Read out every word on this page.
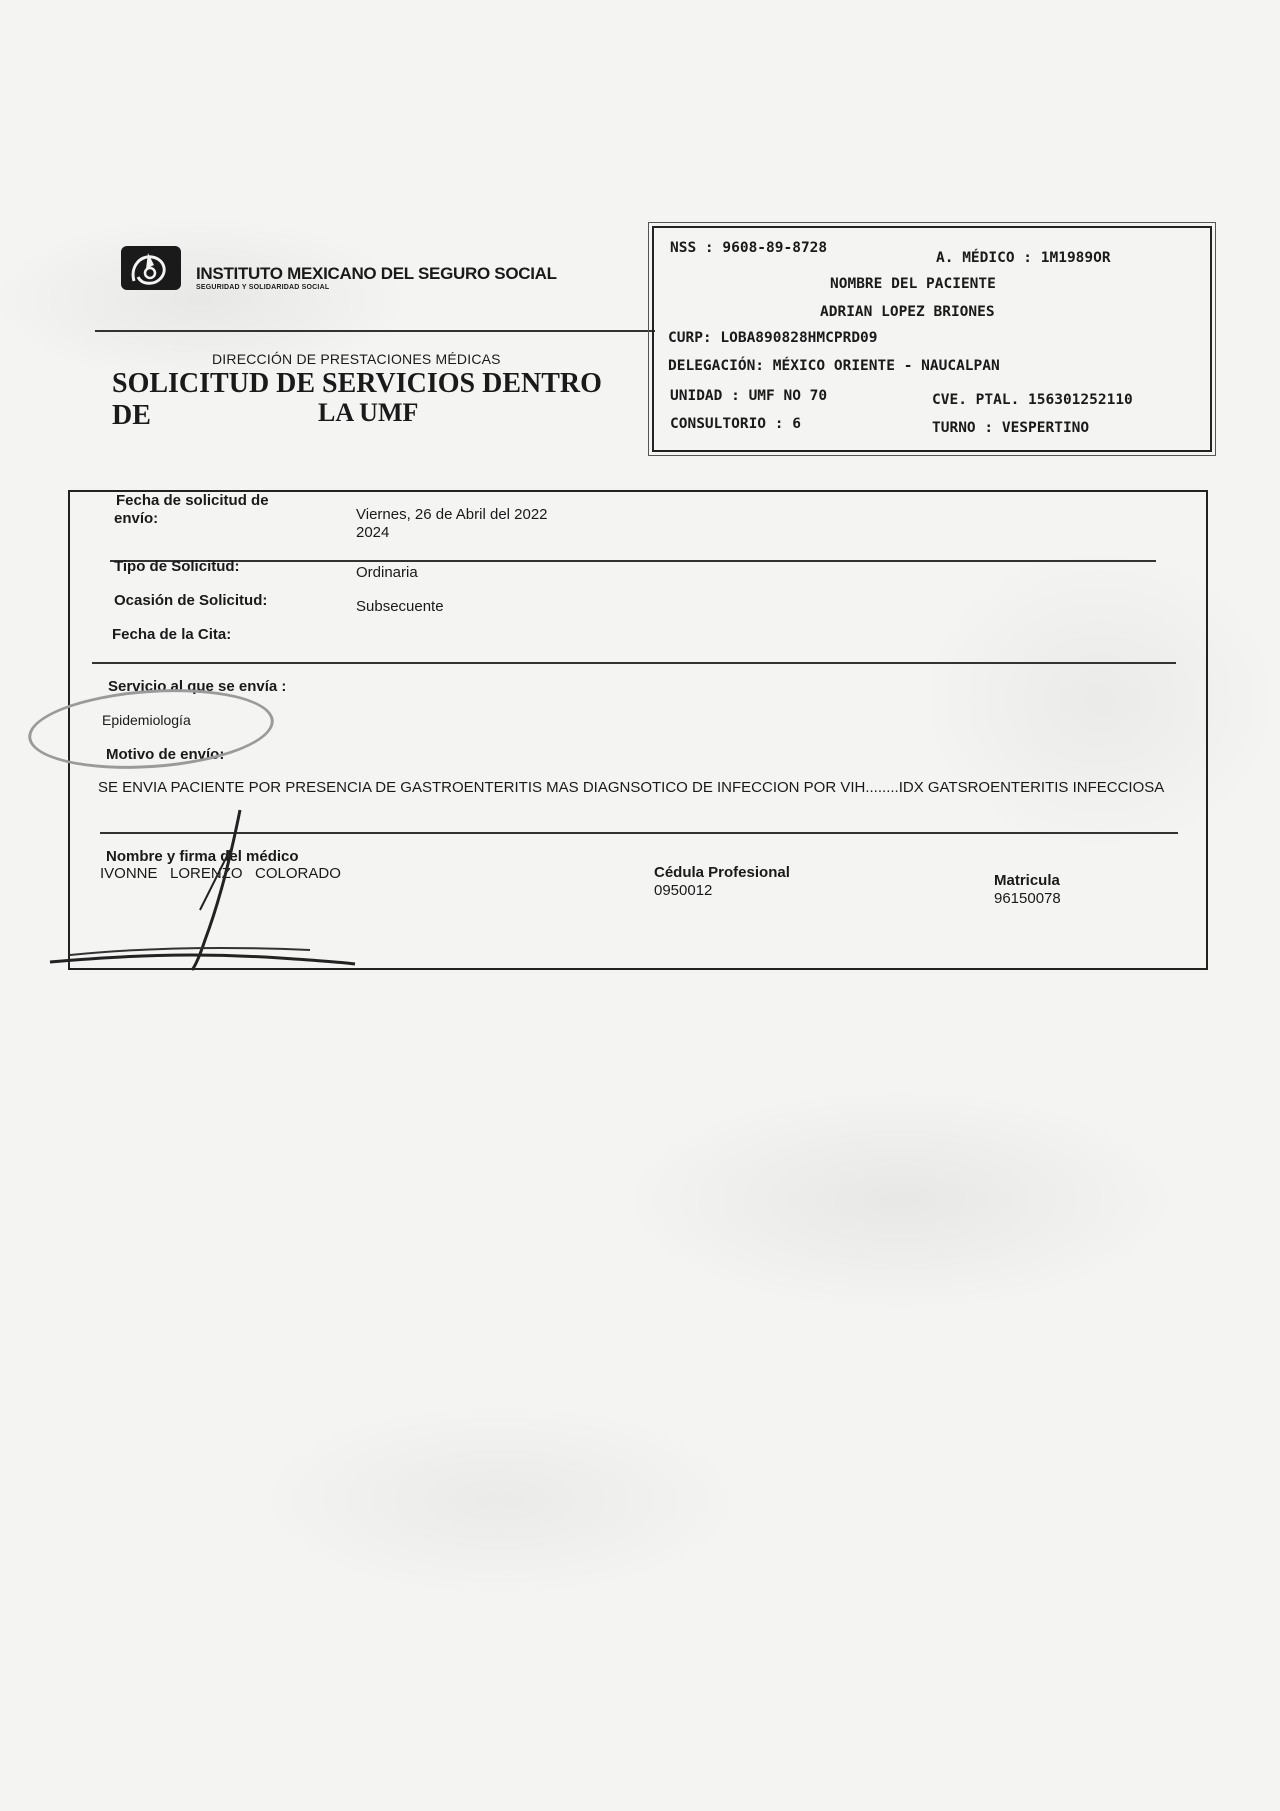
INSTITUTO MEXICANO DEL SEGURO SOCIAL
SEGURIDAD Y SOLIDARIDAD SOCIAL
DIRECCIÓN DE PRESTACIONES MÉDICAS
SOLICITUD DE SERVICIOS DENTRO DE	LA UMF
NSS : 9608-89-8728
A. MÉDICO : 1M1989OR
NOMBRE DEL PACIENTE
ADRIAN LOPEZ BRIONES
CURP: LOBA890828HMCPRD09
DELEGACIÓN: MÉXICO ORIENTE - NAUCALPAN
UNIDAD : UMF NO 70	CVE. PTAL. 156301252110
CONSULTORIO : 6	TURNO : VESPERTINO
Fecha de solicitud de
envío:	Viernes, 26 de Abril del 2022
2024
Tipo de Solicitud:	Ordinaria
Ocasión de Solicitud:	Subsecuente
Fecha de la Cita:
Servicio al que se envía :
Epidemiología
Motivo de envío:
SE ENVIA PACIENTE POR PRESENCIA DE GASTROENTERITIS MAS DIAGNSOTICO DE INFECCION POR VIH........IDX GATSROENTERITIS INFECCIOSA
Nombre y firma del médico
IVONNE   LORENZO   COLORADO	Cédula Profesional
0950012
Matricula
96150078
